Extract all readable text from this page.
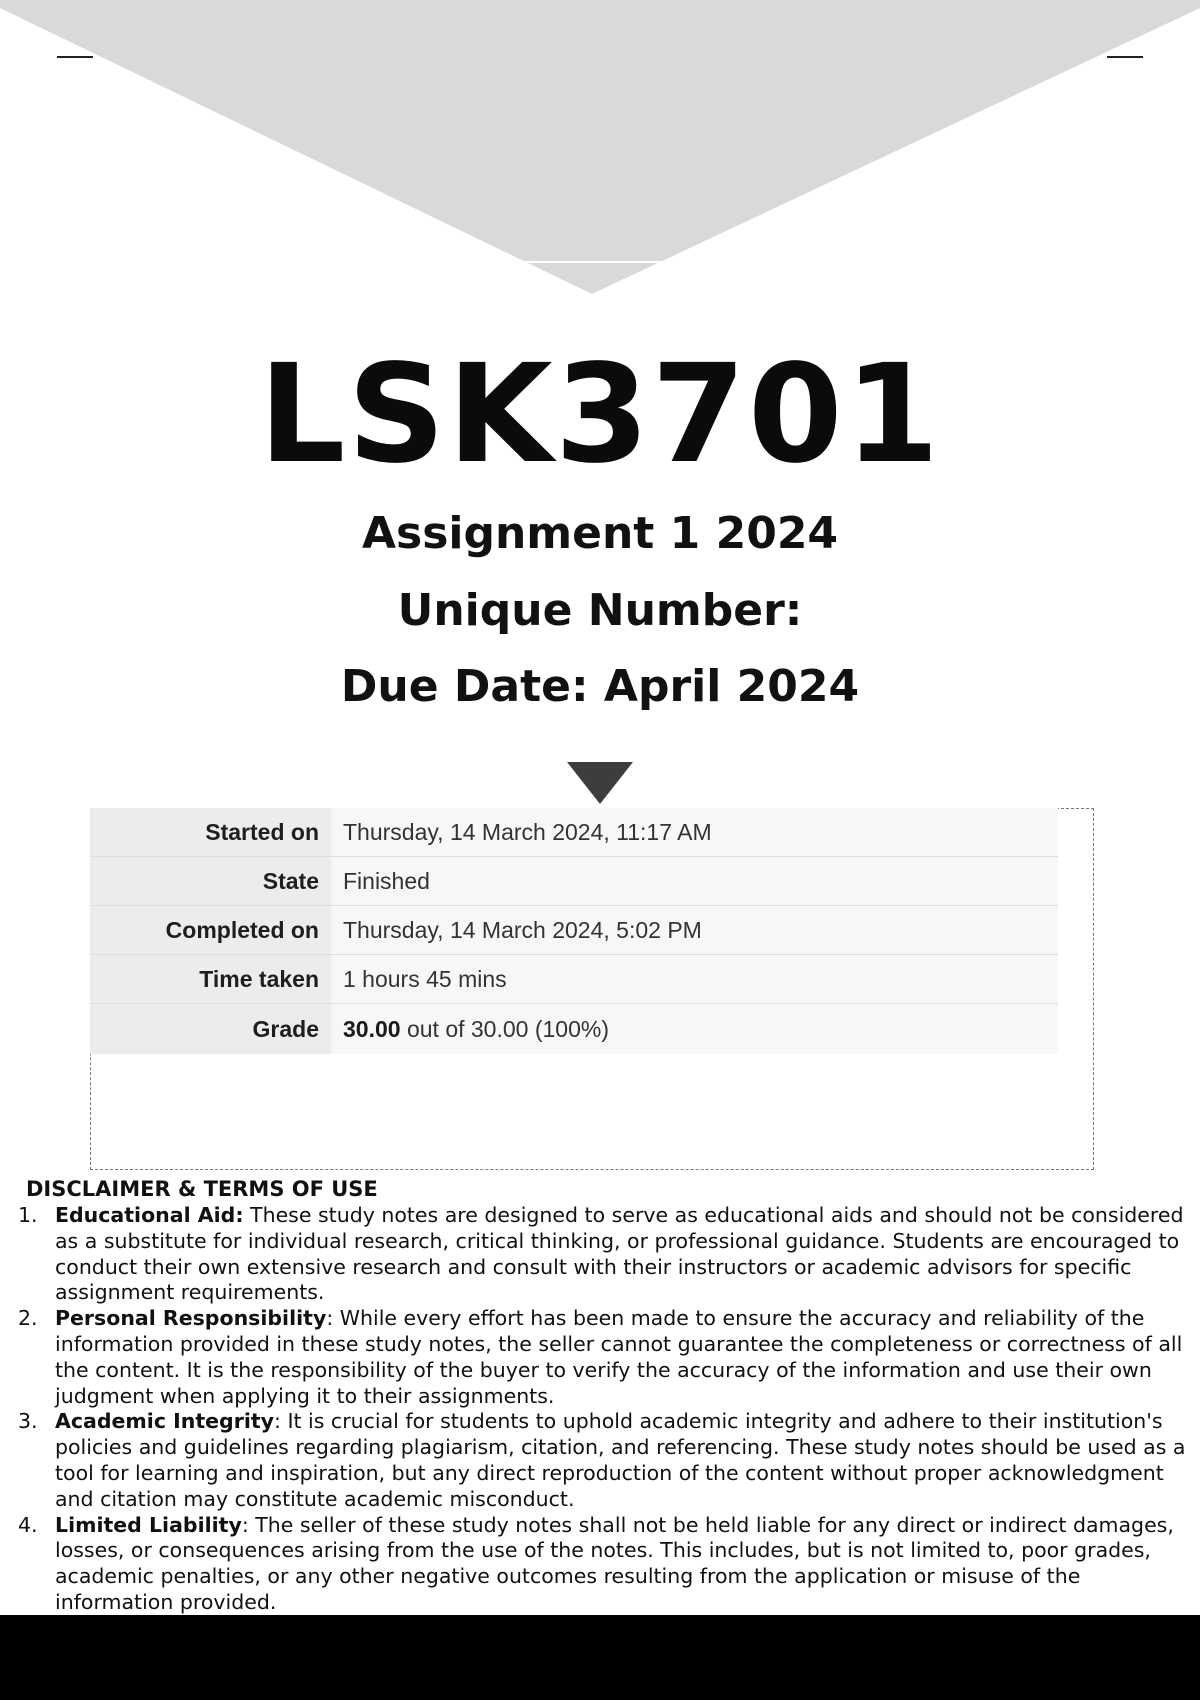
LSK3701
Assignment 1 2024
Unique Number:
Due Date: April 2024
Started on	Thursday, 14 March 2024, 11:17 AM
State	Finished
Completed on	Thursday, 14 March 2024, 5:02 PM
Time taken	1 hours 45 mins
Grade	30.00 out of 30.00 (100%)
DISCLAIMER & TERMS OF USE
1. Educational Aid: These study notes are designed to serve as educational aids and should not be considered as a substitute for individual research, critical thinking, or professional guidance. Students are encouraged to conduct their own extensive research and consult with their instructors or academic advisors for specific assignment requirements.
2. Personal Responsibility: While every effort has been made to ensure the accuracy and reliability of the information provided in these study notes, the seller cannot guarantee the completeness or correctness of all the content. It is the responsibility of the buyer to verify the accuracy of the information and use their own judgment when applying it to their assignments.
3. Academic Integrity: It is crucial for students to uphold academic integrity and adhere to their institution's policies and guidelines regarding plagiarism, citation, and referencing. These study notes should be used as a tool for learning and inspiration, but any direct reproduction of the content without proper acknowledgment and citation may constitute academic misconduct.
4. Limited Liability: The seller of these study notes shall not be held liable for any direct or indirect damages, losses, or consequences arising from the use of the notes. This includes, but is not limited to, poor grades, academic penalties, or any other negative outcomes resulting from the application or misuse of the information provided.
